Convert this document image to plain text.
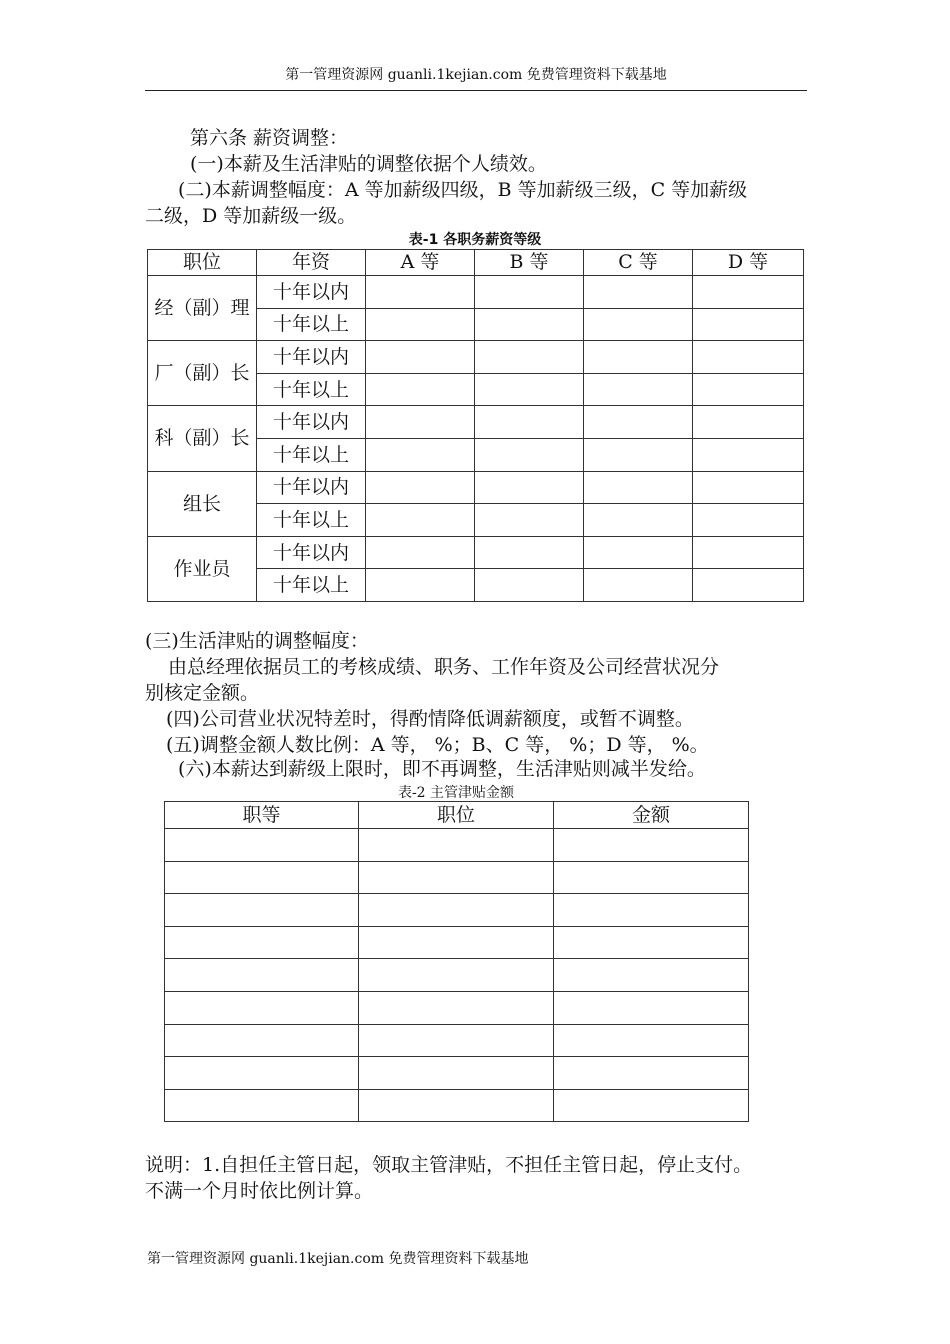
第一管理资源网 guanli.1kejian.com 免费管理资料下载基地
第六条 薪资调整：
(一)本薪及生活津贴的调整依据个人绩效。
(二)本薪调整幅度：A 等加薪级四级，B 等加薪级三级，C 等加薪级
二级，D 等加薪级一级。
表-1 各职务薪资等级
职位	年资	A 等	B 等	C 等	D 等
经（副）理	十年以内				
	十年以上				
厂（副）长	十年以内				
	十年以上				
科（副）长	十年以内				
	十年以上				
组长	十年以内				
	十年以上				
作业员	十年以内				
	十年以上				
(三)生活津贴的调整幅度：
由总经理依据员工的考核成绩、职务、工作年资及公司经营状况分
别核定金额。
(四)公司营业状况特差时，得酌情降低调薪额度，或暂不调整。
(五)调整金额人数比例：A 等， %；B、C 等， %；D 等， %。
(六)本薪达到薪级上限时，即不再调整，生活津贴则减半发给。
表-2 主管津贴金额
职等	职位	金额

说明：1.自担任主管日起，领取主管津贴，不担任主管日起，停止支付。
不满一个月时依比例计算。
第一管理资源网 guanli.1kejian.com 免费管理资料下载基地
